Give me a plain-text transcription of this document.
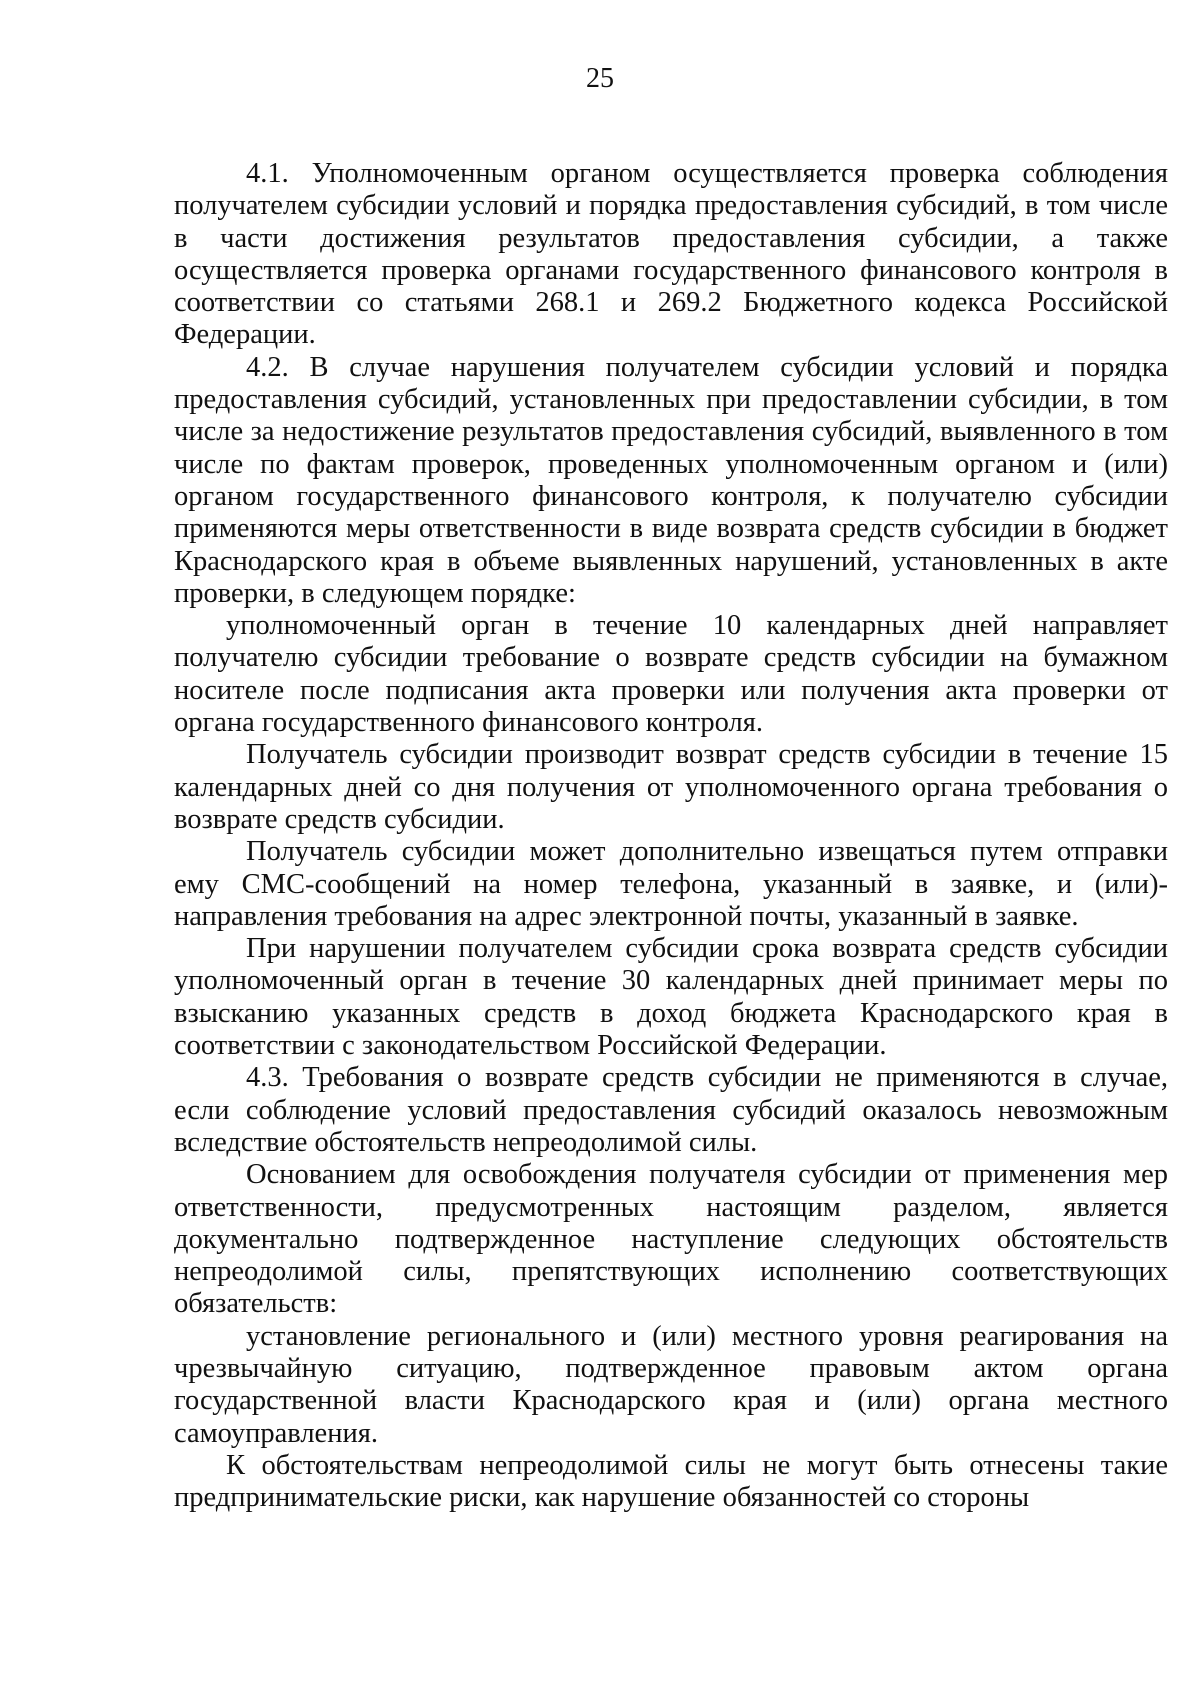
25

4.1. Уполномоченным органом осуществляется проверка соблюдения получателем субсидии условий и порядка предоставления субсидий, в том числе в части достижения результатов предоставления субсидии, а также осуществляется проверка органами государственного финансового контроля в соответствии со статьями 268.1 и 269.2 Бюджетного кодекса Российской Федерации.

4.2. В случае нарушения получателем субсидии условий и порядка предоставления субсидий, установленных при предоставлении субсидии, в том числе за недостижение результатов предоставления субсидий, выявленного в том числе по фактам проверок, проведенных уполномоченным органом и (или) органом государственного финансового контроля, к получателю субсидии применяются меры ответственности в виде возврата средств субсидии в бюджет Краснодарского края в объеме выявленных нарушений, установленных в акте проверки, в следующем порядке:

уполномоченный орган в течение 10 календарных дней направляет получателю субсидии требование о возврате средств субсидии на бумажном носителе после подписания акта проверки или получения акта проверки от органа государственного финансового контроля.

Получатель субсидии производит возврат средств субсидии в течение 15 календарных дней со дня получения от уполномоченного органа требования о возврате средств субсидии.

Получатель субсидии может дополнительно извещаться путем отправки ему СМС-сообщений на номер телефона, указанный в заявке, и (или)-направления требования на адрес электронной почты, указанный в заявке.

При нарушении получателем субсидии срока возврата средств субсидии уполномоченный орган в течение 30 календарных дней принимает меры по взысканию указанных средств в доход бюджета Краснодарского края в соответствии с законодательством Российской Федерации.

4.3. Требования о возврате средств субсидии не применяются в случае, если соблюдение условий предоставления субсидий оказалось невозможным вследствие обстоятельств непреодолимой силы.

Основанием для освобождения получателя субсидии от применения мер ответственности, предусмотренных настоящим разделом, является документально подтвержденное наступление следующих обстоятельств непреодолимой силы, препятствующих исполнению соответствующих обязательств:

установление регионального и (или) местного уровня реагирования на чрезвычайную ситуацию, подтвержденное правовым актом органа государственной власти Краснодарского края и (или) органа местного самоуправления.

К обстоятельствам непреодолимой силы не могут быть отнесены такие предпринимательские риски, как нарушение обязанностей со стороны
